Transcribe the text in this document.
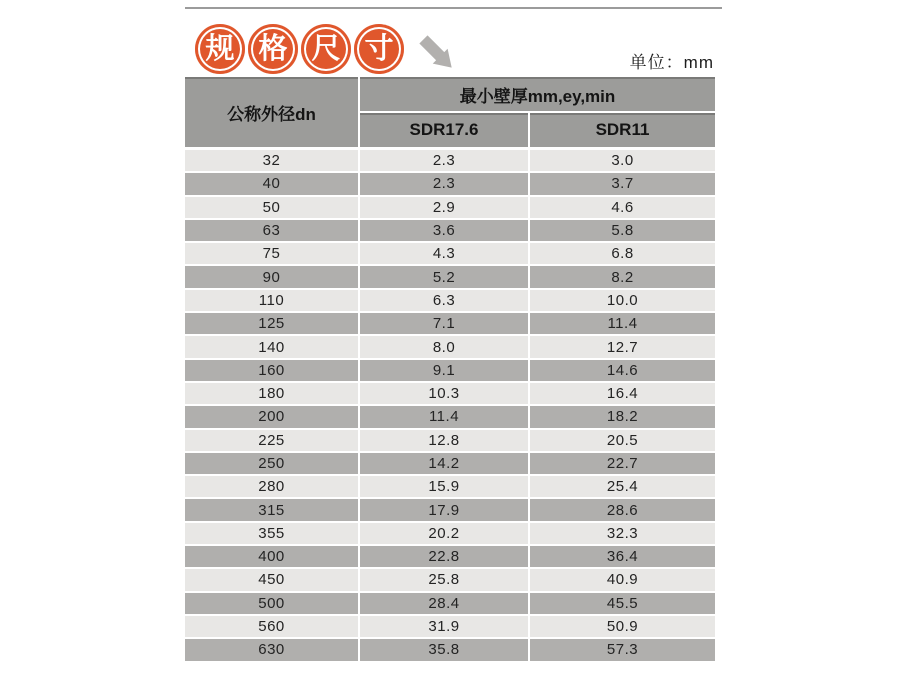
规 格 尺 寸	单位：mm
公称外径dn
最小壁厚mm,ey,min
SDR17.6	SDR11
32	2.3	3.0
40	2.3	3.7
50	2.9	4.6
63	3.6	5.8
75	4.3	6.8
90	5.2	8.2
110	6.3	10.0
125	7.1	11.4
140	8.0	12.7
160	9.1	14.6
180	10.3	16.4
200	11.4	18.2
225	12.8	20.5
250	14.2	22.7
280	15.9	25.4
315	17.9	28.6
355	20.2	32.3
400	22.8	36.4
450	25.8	40.9
500	28.4	45.5
560	31.9	50.9
630	35.8	57.3
